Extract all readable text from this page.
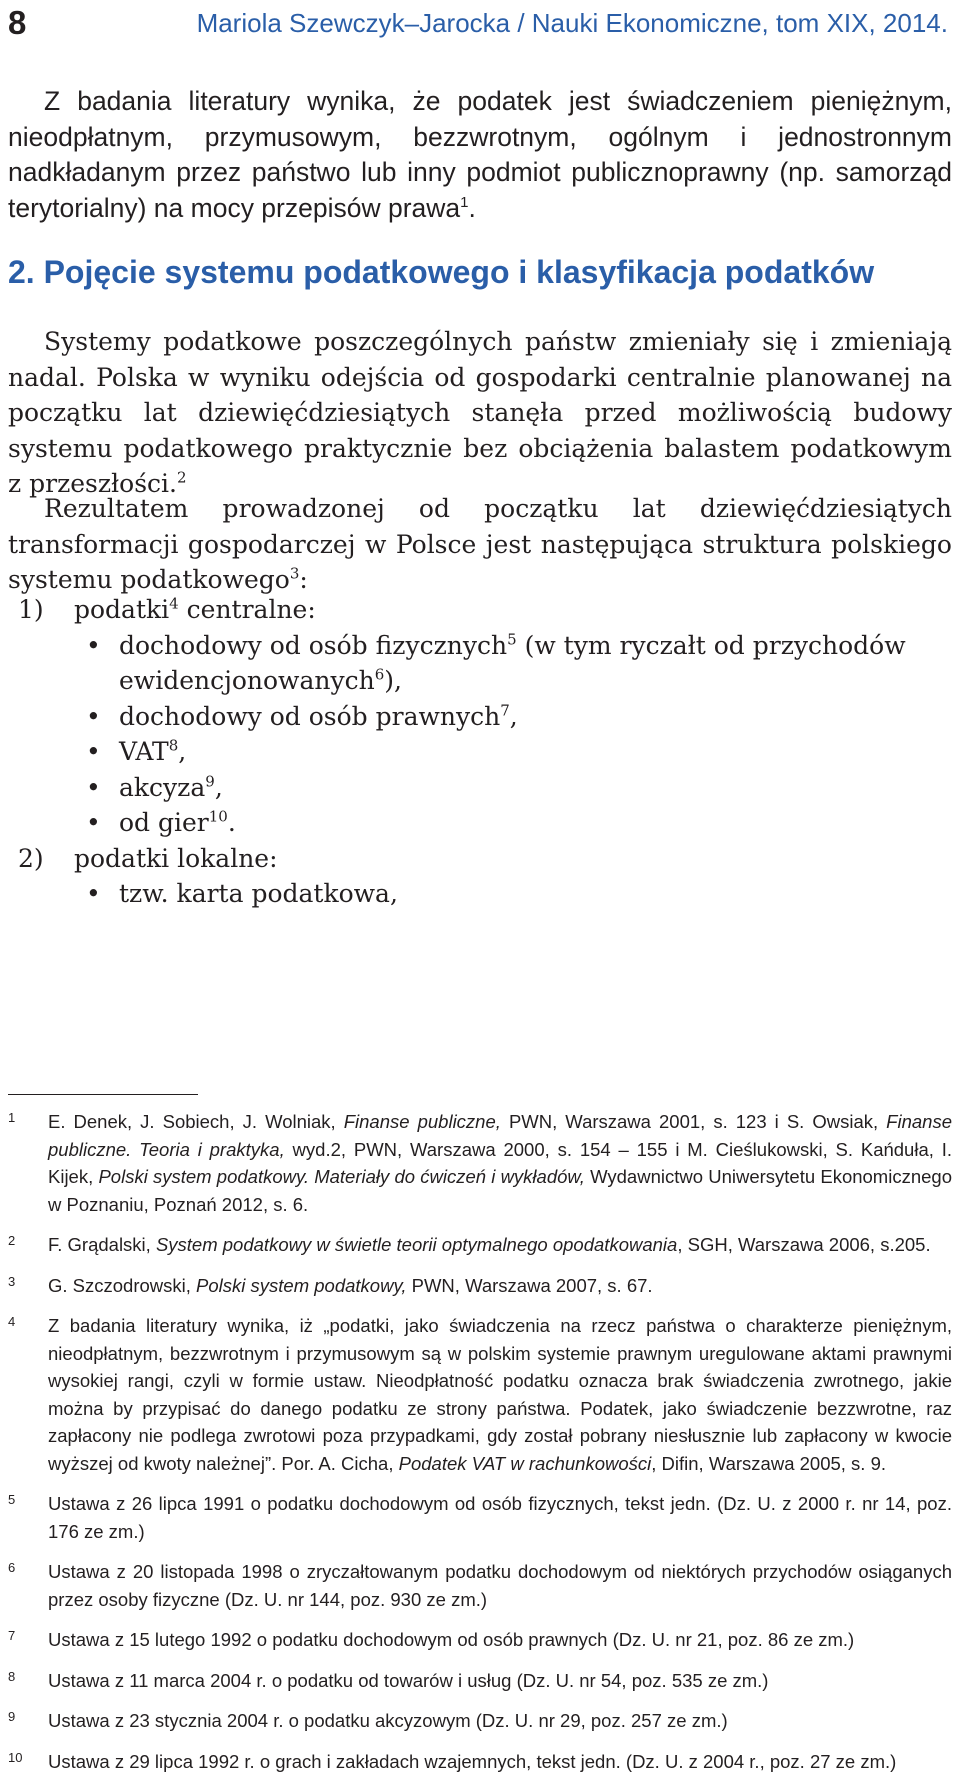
8	Mariola Szewczyk–Jarocka / Nauki Ekonomiczne, tom XIX, 2014.
Z badania literatury wynika, że podatek jest świadczeniem pieniężnym, nieodpłatnym, przymusowym, bezzwrotnym, ogólnym i jednostronnym nadkładanym przez państwo lub inny podmiot publicznoprawny (np. samorząd terytorialny) na mocy przepisów prawa$^1$.
2. Pojęcie systemu podatkowego i klasyfikacja podatków
Systemy podatkowe poszczególnych państw zmieniały się i zmieniają nadal. Polska w wyniku odejścia od gospodarki centralnie planowanej na początku lat dziewięćdziesiątych stanęła przed możliwością budowy systemu podatkowego praktycznie bez obciążenia balastem podatkowym z przeszłości.$^2$
Rezultatem prowadzonej od początku lat dziewięćdziesiątych transformacji gospodarczej w Polsce jest następująca struktura polskiego systemu podatkowego$^3$:
1) podatki$^4$ centralne:
• dochodowy od osób fizycznych$^5$ (w tym ryczałt od przychodów ewidencjonowanych$^6$),
• dochodowy od osób prawnych$^7$,
• VAT$^8$,
• akcyza$^9$,
• od gier$^{10}$.
2) podatki lokalne:
• tzw. karta podatkowa,
1 E. Denek, J. Sobiech, J. Wolniak, Finanse publiczne, PWN, Warszawa 2001, s. 123 i S. Owsiak, Finanse publiczne. Teoria i praktyka, wyd.2, PWN, Warszawa 2000, s. 154 – 155 i M. Cieślukowski, S. Kańduła, I. Kijek, Polski system podatkowy. Materiały do ćwiczeń i wykładów, Wydawnictwo Uniwersytetu Ekonomicznego w Poznaniu, Poznań 2012, s. 6.
2 F. Grądalski, System podatkowy w świetle teorii optymalnego opodatkowania, SGH, Warszawa 2006, s.205.
3 G. Szczodrowski, Polski system podatkowy, PWN, Warszawa 2007, s. 67.
4 Z badania literatury wynika, iż „podatki, jako świadczenia na rzecz państwa o charakterze pieniężnym, nieodpłatnym, bezzwrotnym i przymusowym są w polskim systemie prawnym uregulowane aktami prawnymi wysokiej rangi, czyli w formie ustaw. Nieodpłatność podatku oznacza brak świadczenia zwrotnego, jakie można by przypisać do danego podatku ze strony państwa. Podatek, jako świadczenie bezzwrotne, raz zapłacony nie podlega zwrotowi poza przypadkami, gdy został pobrany niesłusznie lub zapłacony w kwocie wyższej od kwoty należnej”. Por. A. Cicha, Podatek VAT w rachunkowości, Difin, Warszawa 2005, s. 9.
5 Ustawa z 26 lipca 1991 o podatku dochodowym od osób fizycznych, tekst jedn. (Dz. U. z 2000 r. nr 14, poz. 176 ze zm.)
6 Ustawa z 20 listopada 1998 o zryczałtowanym podatku dochodowym od niektórych przychodów osiąganych przez osoby fizyczne (Dz. U. nr 144, poz. 930 ze zm.)
7 Ustawa z 15 lutego 1992 o podatku dochodowym od osób prawnych (Dz. U. nr 21, poz. 86 ze zm.)
8 Ustawa z 11 marca 2004 r. o podatku od towarów i usług (Dz. U. nr 54, poz. 535 ze zm.)
9 Ustawa z 23 stycznia 2004 r. o podatku akcyzowym (Dz. U. nr 29, poz. 257 ze zm.)
10 Ustawa z 29 lipca 1992 r. o grach i zakładach wzajemnych, tekst jedn. (Dz. U. z 2004 r., poz. 27 ze zm.)
